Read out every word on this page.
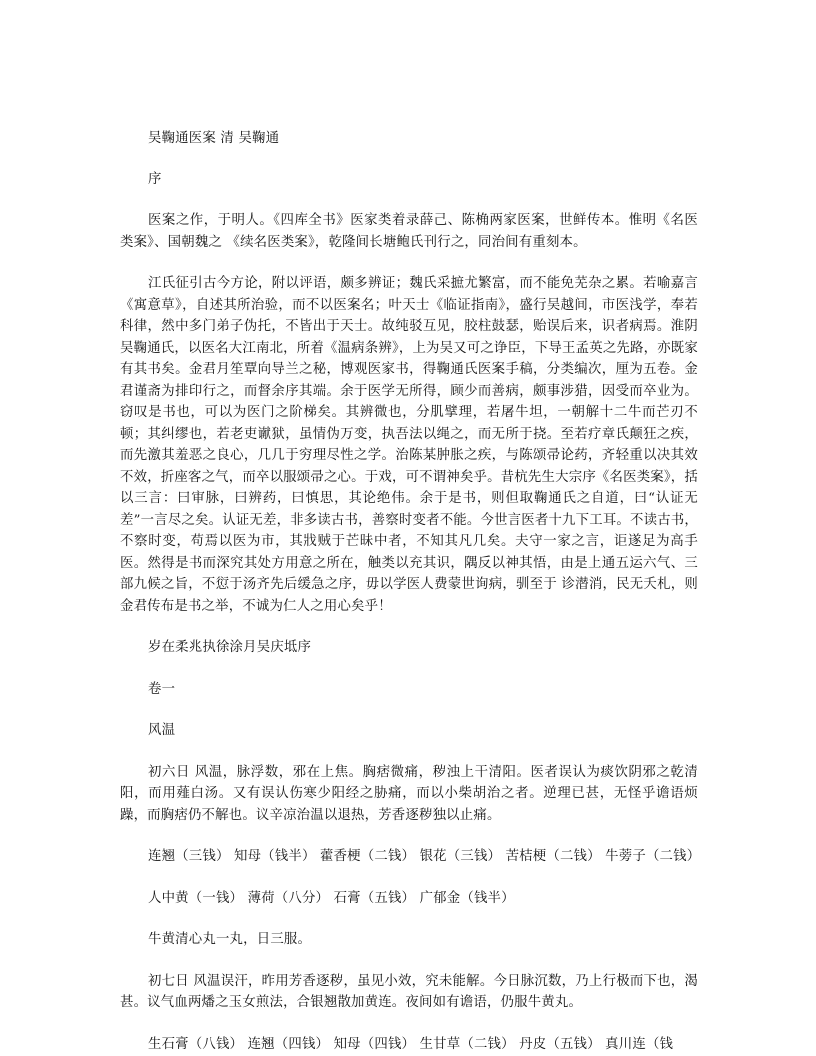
吴鞠通医案 清 吴鞠通

序

医案之作，于明人。《四库全书》医家类着录薛己、陈桷两家医案，世鲜传本。惟明《名医类案》、国朝魏之 《续名医类案》，乾隆间长塘鲍氏刊行之，同治间有重刻本。

江氏征引古今方论，附以评语，颇多辨证；魏氏采摭尤繁富，而不能免芜杂之累。若喻嘉言《寓意草》，自述其所治验，而不以医案名；叶天士《临证指南》，盛行吴越间，市医浅学，奉若科律，然中多门弟子伪托，不皆出于天士。故纯驳互见，胶柱鼓瑟，贻误后来，识者病焉。淮阴吴鞠通氏，以医名大江南北，所着《温病条辨》，上为吴又可之诤臣，下导王孟英之先路，亦既家有其书矣。金君月笙覃向导兰之秘，博观医家书，得鞠通氏医案手稿，分类编次，厘为五卷。金君谨斋为排印行之，而督余序其端。余于医学无所得，顾少而善病，颇事涉猎，因受而卒业为。窃叹是书也，可以为医门之阶梯矣。其辨微也，分肌擘理，若屠牛坦，一朝解十二牛而芒刃不顿；其纠缪也，若老吏谳狱，虽情伪万变，执吾法以绳之，而无所于挠。至若疗章氏颠狂之疾，而先激其羞恶之良心，几几于穷理尽性之学。治陈某肿胀之疾，与陈颂帚论药，齐轻重以决其效不效，折座客之气，而卒以服颂帚之心。于戏，可不谓神矣乎。昔杭先生大宗序《名医类案》，括以三言：曰审脉，曰辨药，曰慎思，其论绝伟。余于是书，则但取鞠通氏之自道，曰“认证无差”一言尽之矣。认证无差，非多读古书，善察时变者不能。今世言医者十九下工耳。不读古书，不察时变，苟焉以医为市，其戕贼于芒昧中者，不知其凡几矣。夫守一家之言，讵遂足为高手医。然得是书而深究其处方用意之所在，触类以充其识，隅反以神其悟，由是上通五运六气、三部九候之旨，不愆于汤齐先后缓急之序，毋以学医人费蒙世询病，驯至于 诊潜消，民无夭札，则金君传布是书之举，不诚为仁人之用心矣乎！

岁在柔兆执徐涂月吴庆坻序

卷一

风温

初六日 风温，脉浮数，邪在上焦。胸痞微痛，秽浊上干清阳。医者误认为痰饮阴邪之乾清阳，而用薤白汤。又有误认伤寒少阳经之胁痛，而以小柴胡治之者。逆理已甚，无怪乎谵语烦躁，而胸痞仍不解也。议辛凉治温以退热，芳香逐秽独以止痛。

连翘（三钱） 知母（钱半） 藿香梗（二钱） 银花（三钱） 苦桔梗（二钱） 牛蒡子（二钱）

人中黄（一钱） 薄荷（八分） 石膏（五钱） 广郁金（钱半）

牛黄清心丸一丸，日三服。

初七日 风温误汗，昨用芳香逐秽，虽见小效，究未能解。今日脉沉数，乃上行极而下也，渴甚。议气血两燔之玉女煎法，合银翘散加黄连。夜间如有谵语，仍服牛黄丸。

生石膏（八钱） 连翘（四钱） 知母（四钱） 生甘草（二钱） 丹皮（五钱） 真川连（钱
